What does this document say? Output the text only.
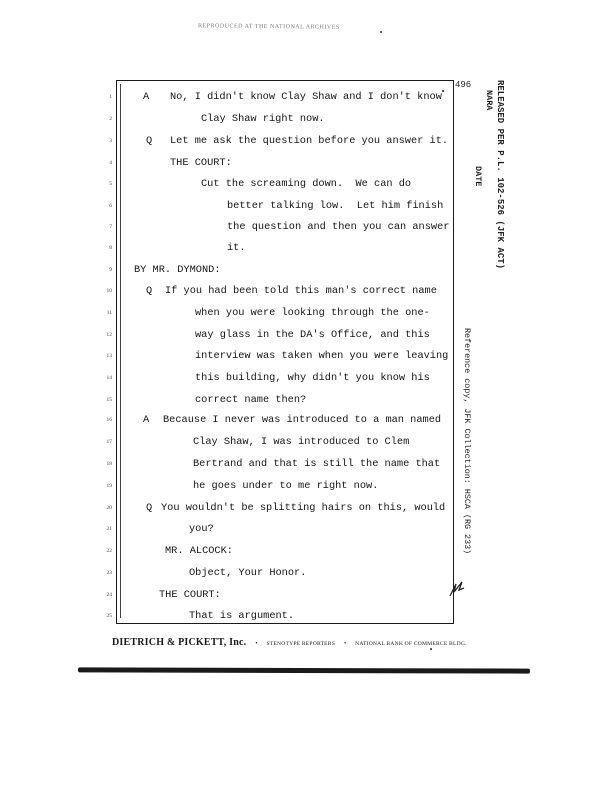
REPRODUCED AT THE NATIONAL ARCHIVES
496
1	A No, I didn't know Clay Shaw and I don't know
2	Clay Shaw right now.
3	Q Let me ask the question before you answer it.
4	THE COURT:
5	Cut the screaming down.  We can do
6	better talking low.  Let him finish
7	the question and then you can answer
8	it.
9 BY MR. DYMOND:
10	Q If you had been told this man's correct name
11	when you were looking through the one-
12	way glass in the DA's Office, and this
13	interview was taken when you were leaving
14	this building, why didn't you know his
15	correct name then?
16	A Because I never was introduced to a man named
17	Clay Shaw, I was introduced to Clem
18	Bertrand and that is still the name that
19	he goes under to me right now.
20	Q You wouldn't be splitting hairs on this, would
21	you?
22	MR. ALCOCK:
23	Object, Your Honor.
24	THE COURT:
25	That is argument.
RELEASED PER P.L. 102-526 (JFK ACT)
NARA
DATE
Reference copy, JFK Collection: HSCA (RG 233)
DIETRICH & PICKETT, Inc. • STENOTYPE REPORTERS • NATIONAL BANK OF COMMERCE BLDG.
